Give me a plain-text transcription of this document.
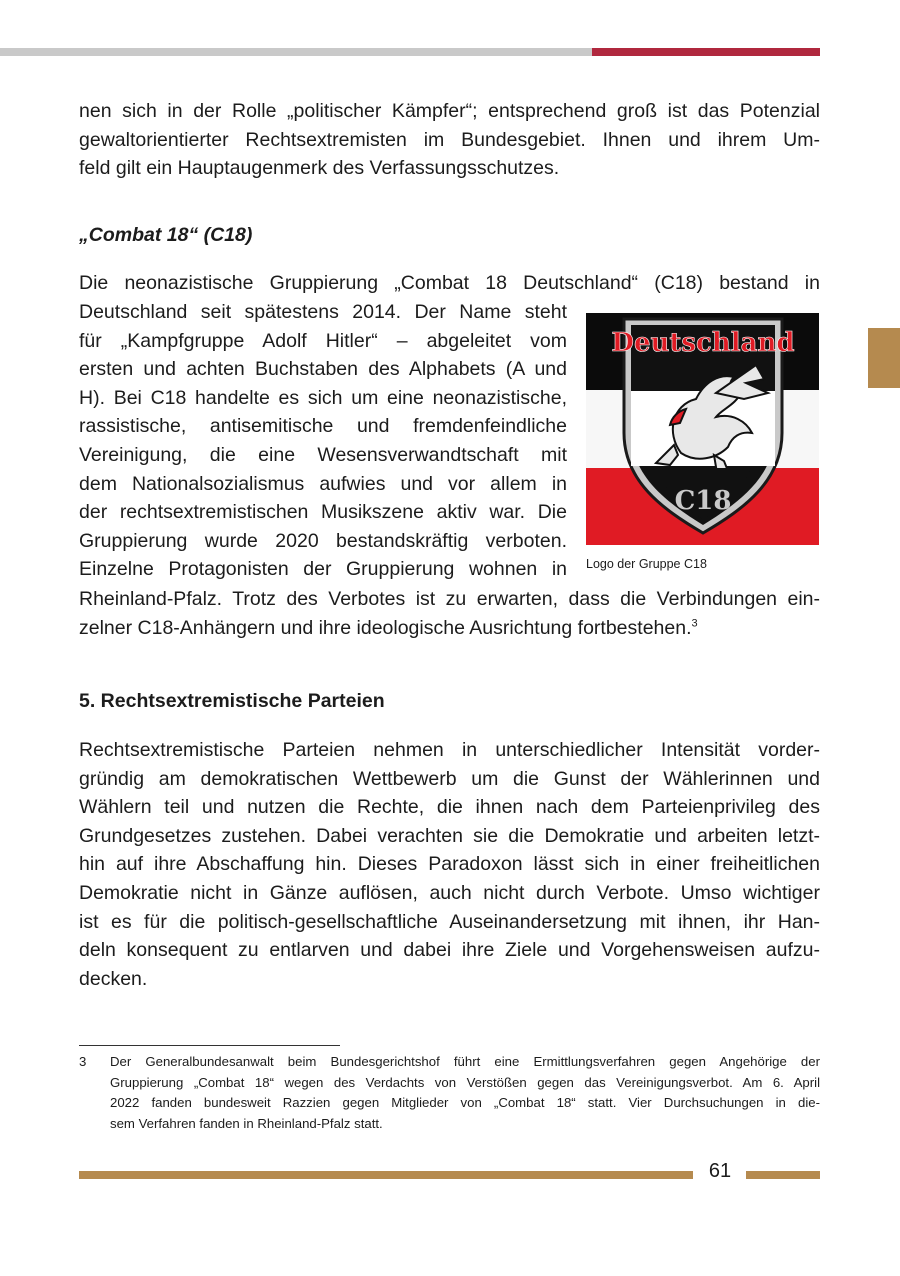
nen sich in der Rolle „politischer Kämpfer“; entsprechend groß ist das Potenzial
gewaltorientierter Rechtsextremisten im Bundesgebiet. Ihnen und ihrem Um-
feld gilt ein Hauptaugenmerk des Verfassungsschutzes.
„Combat 18“ (C18)
Die neonazistische Gruppierung „Combat 18 Deutschland“ (C18) bestand in
Deutschland seit spätestens 2014. Der Name steht
für „Kampfgruppe Adolf Hitler“ – abgeleitet vom
ersten und achten Buchstaben des Alphabets (A und
H). Bei C18 handelte es sich um eine neonazistische,
rassistische, antisemitische und fremdenfeindliche
Vereinigung, die eine Wesensverwandtschaft mit
dem Nationalsozialismus aufwies und vor allem in
der rechtsextremistischen Musikszene aktiv war. Die
Gruppierung wurde 2020 bestandskräftig verboten.
Einzelne Protagonisten der Gruppierung wohnen in
Rheinland-Pfalz. Trotz des Verbotes ist zu erwarten, dass die Verbindungen ein-
zelner C18-Anhängern und ihre ideologische Ausrichtung fortbestehen.$^3$
Deutschland
C18
Logo der Gruppe C18
5. Rechtsextremistische Parteien
Rechtsextremistische Parteien nehmen in unterschiedlicher Intensität vorder-
gründig am demokratischen Wettbewerb um die Gunst der Wählerinnen und
Wählern teil und nutzen die Rechte, die ihnen nach dem Parteienprivileg des
Grundgesetzes zustehen. Dabei verachten sie die Demokratie und arbeiten letzt-
hin auf ihre Abschaffung hin. Dieses Paradoxon lässt sich in einer freiheitlichen
Demokratie nicht in Gänze auflösen, auch nicht durch Verbote. Umso wichtiger
ist es für die politisch-gesellschaftliche Auseinandersetzung mit ihnen, ihr Han-
deln konsequent zu entlarven und dabei ihre Ziele und Vorgehensweisen aufzu-
decken.
3 Der Generalbundesanwalt beim Bundesgerichtshof führt eine Ermittlungsverfahren gegen Angehörige der
Gruppierung „Combat 18“ wegen des Verdachts von Verstößen gegen das Vereinigungsverbot. Am 6. April
2022 fanden bundesweit Razzien gegen Mitglieder von „Combat 18“ statt. Vier Durchsuchungen in die-
sem Verfahren fanden in Rheinland-Pfalz statt.
61
